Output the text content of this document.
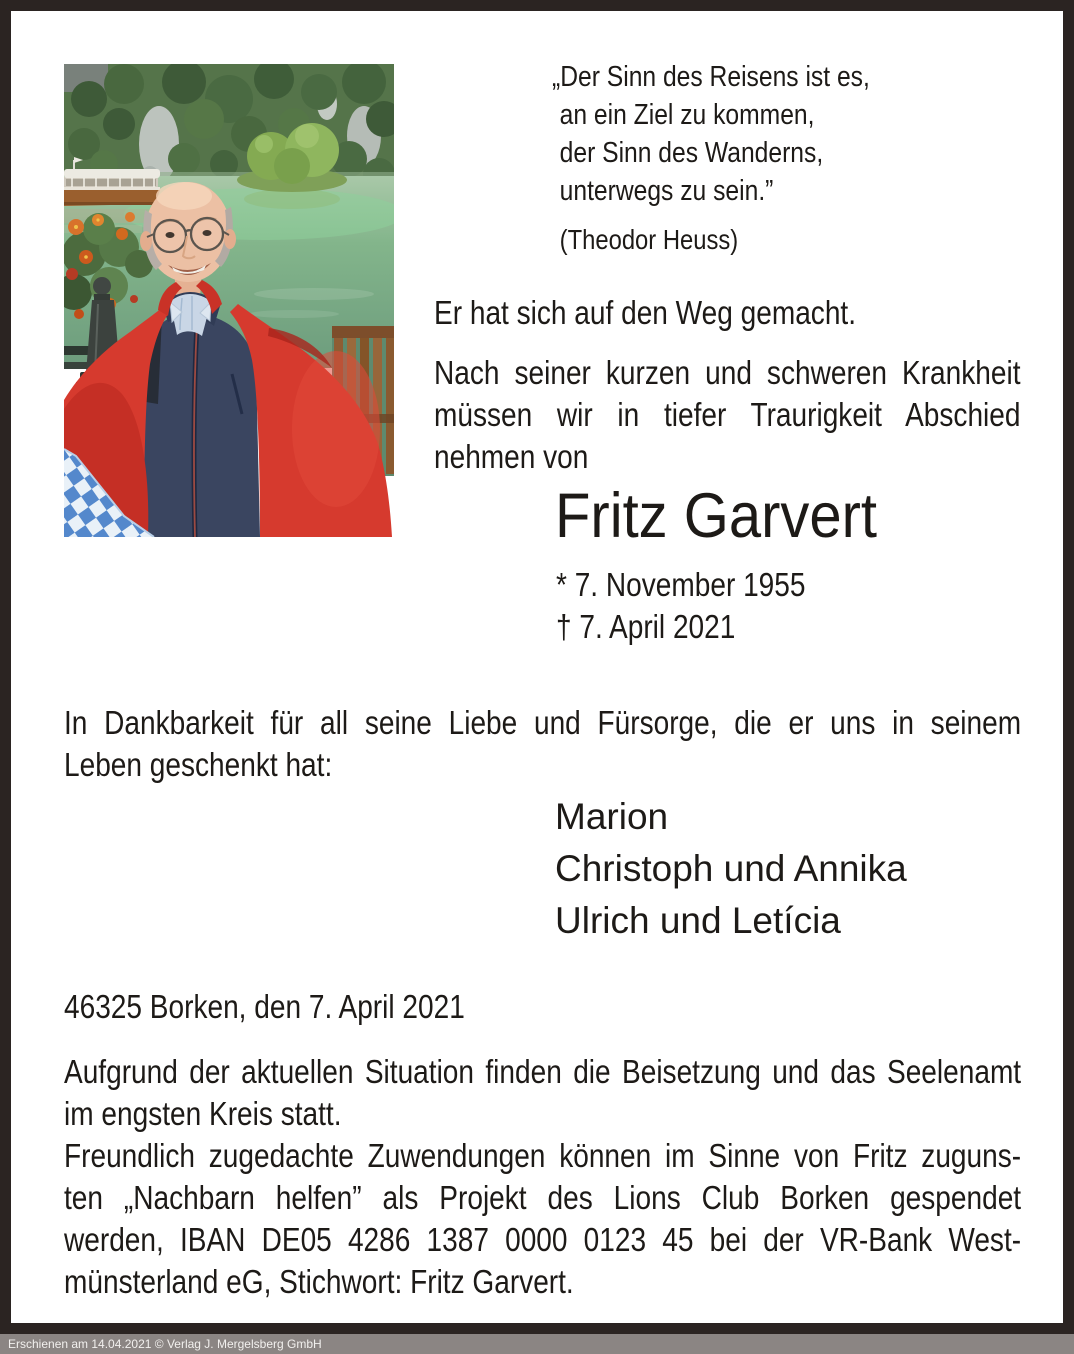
„Der Sinn des Reisens ist es,
an ein Ziel zu kommen,
der Sinn des Wanderns,
unterwegs zu sein.”
(Theodor Heuss)
Er hat sich auf den Weg gemacht.
Nach seiner kurzen und schweren Krankheit
müssen wir in tiefer Traurigkeit Abschied
nehmen von
Fritz Garvert
* 7. November 1955
† 7. April 2021
In Dankbarkeit für all seine Liebe und Fürsorge, die er uns in seinem
Leben geschenkt hat:
Marion
Christoph und Annika
Ulrich und Letícia
46325 Borken, den 7. April 2021
Aufgrund der aktuellen Situation finden die Beisetzung und das Seelenamt
im engsten Kreis statt.
Freundlich zugedachte Zuwendungen können im Sinne von Fritz zuguns-
ten „Nachbarn helfen” als Projekt des Lions Club Borken gespendet
werden, IBAN DE05 4286 1387 0000 0123 45 bei der VR-Bank West-
münsterland eG, Stichwort: Fritz Garvert.
Erschienen am 14.04.2021 © Verlag J. Mergelsberg GmbH
